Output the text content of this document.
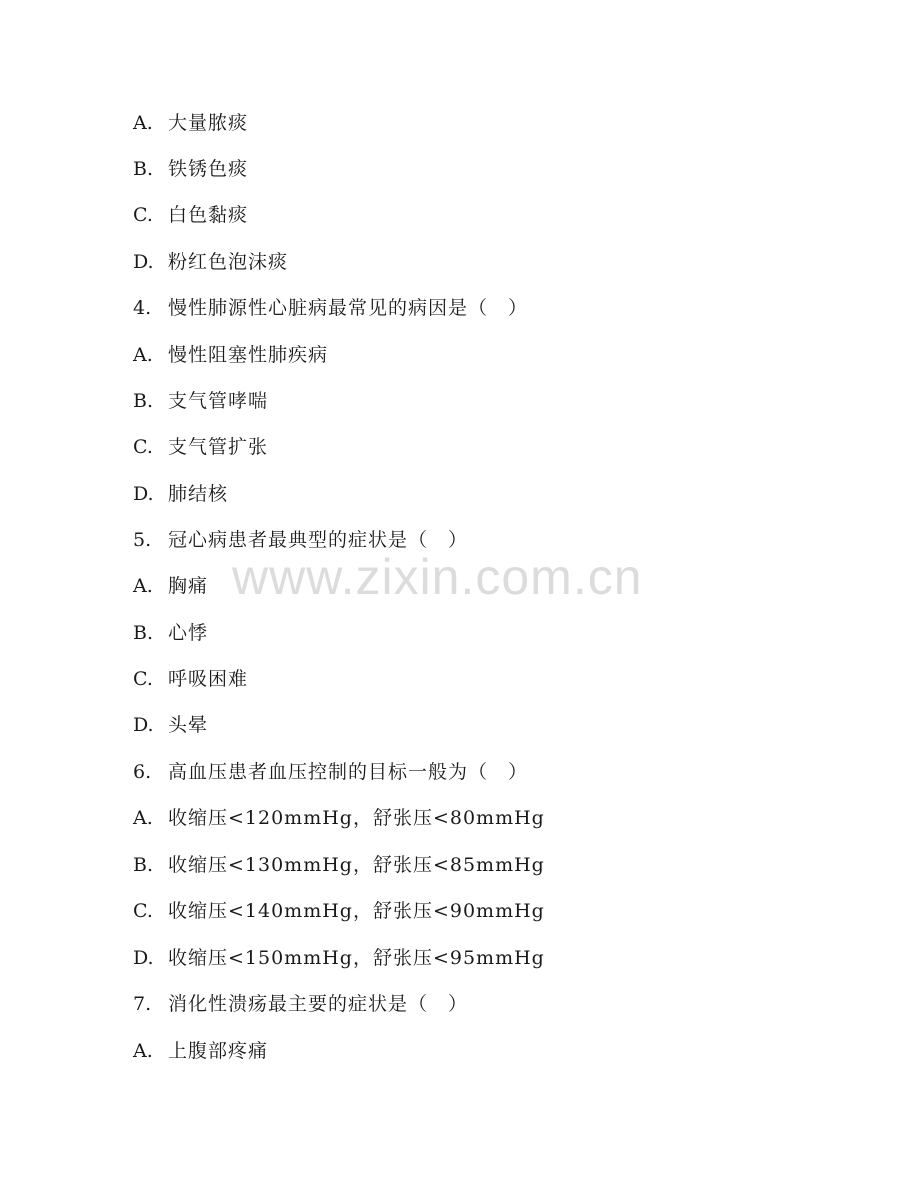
A. 大量脓痰
B. 铁锈色痰
C. 白色黏痰
D. 粉红色泡沫痰
4. 慢性肺源性心脏病最常见的病因是（　）
A. 慢性阻塞性肺疾病
B. 支气管哮喘
C. 支气管扩张
D. 肺结核
5. 冠心病患者最典型的症状是（　）
A. 胸痛
B. 心悸
C. 呼吸困难
D. 头晕
6. 高血压患者血压控制的目标一般为（　）
A. 收缩压<120mmHg，舒张压<80mmHg
B. 收缩压<130mmHg，舒张压<85mmHg
C. 收缩压<140mmHg，舒张压<90mmHg
D. 收缩压<150mmHg，舒张压<95mmHg
7. 消化性溃疡最主要的症状是（　）
A. 上腹部疼痛
www.zixin.com.cn
